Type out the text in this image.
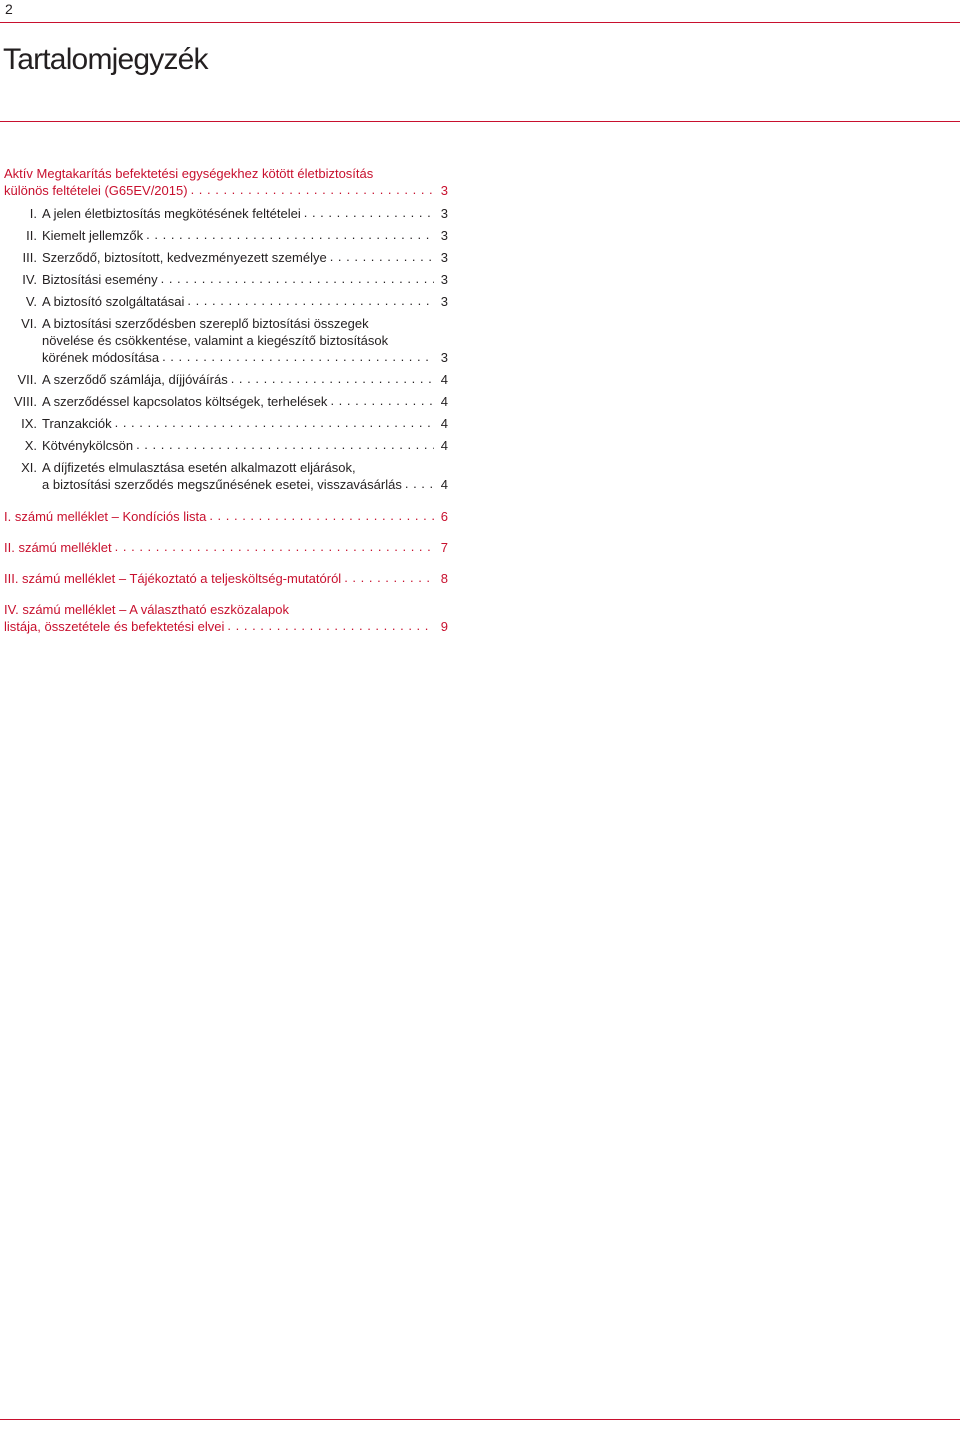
2
Tartalomjegyzék
Aktív Megtakarítás befektetési egységekhez kötött életbiztosítás
különös feltételei (G65EV/2015) . . .	3
I. A jelen életbiztosítás megkötésének feltételei . . .	3
II. Kiemelt jellemzők . . .	3
III. Szerződő, biztosított, kedvezményezett személye . . .	3
IV. Biztosítási esemény . . .	3
V. A biztosító szolgáltatásai . . .	3
VI. A biztosítási szerződésben szereplő biztosítási összegek
növelése és csökkentése, valamint a kiegészítő biztosítások
körének módosítása . . .	3
VII. A szerződő számlája, díjjóváírás . . .	4
VIII. A szerződéssel kapcsolatos költségek, terhelések . . .	4
IX. Tranzakciók . . .	4
X. Kötvénykölcsön . . .	4
XI. A díjfizetés elmulasztása esetén alkalmazott eljárások,
a biztosítási szerződés megszűnésének esetei, visszavásárlás . . .	4
I. számú melléklet – Kondíciós lista . . .	6
II. számú melléklet . . .	7
III. számú melléklet – Tájékoztató a teljesköltség-mutatóról . . .	8
IV. számú melléklet – A választható eszközalapok
listája, összetétele és befektetési elvei . . .	9
